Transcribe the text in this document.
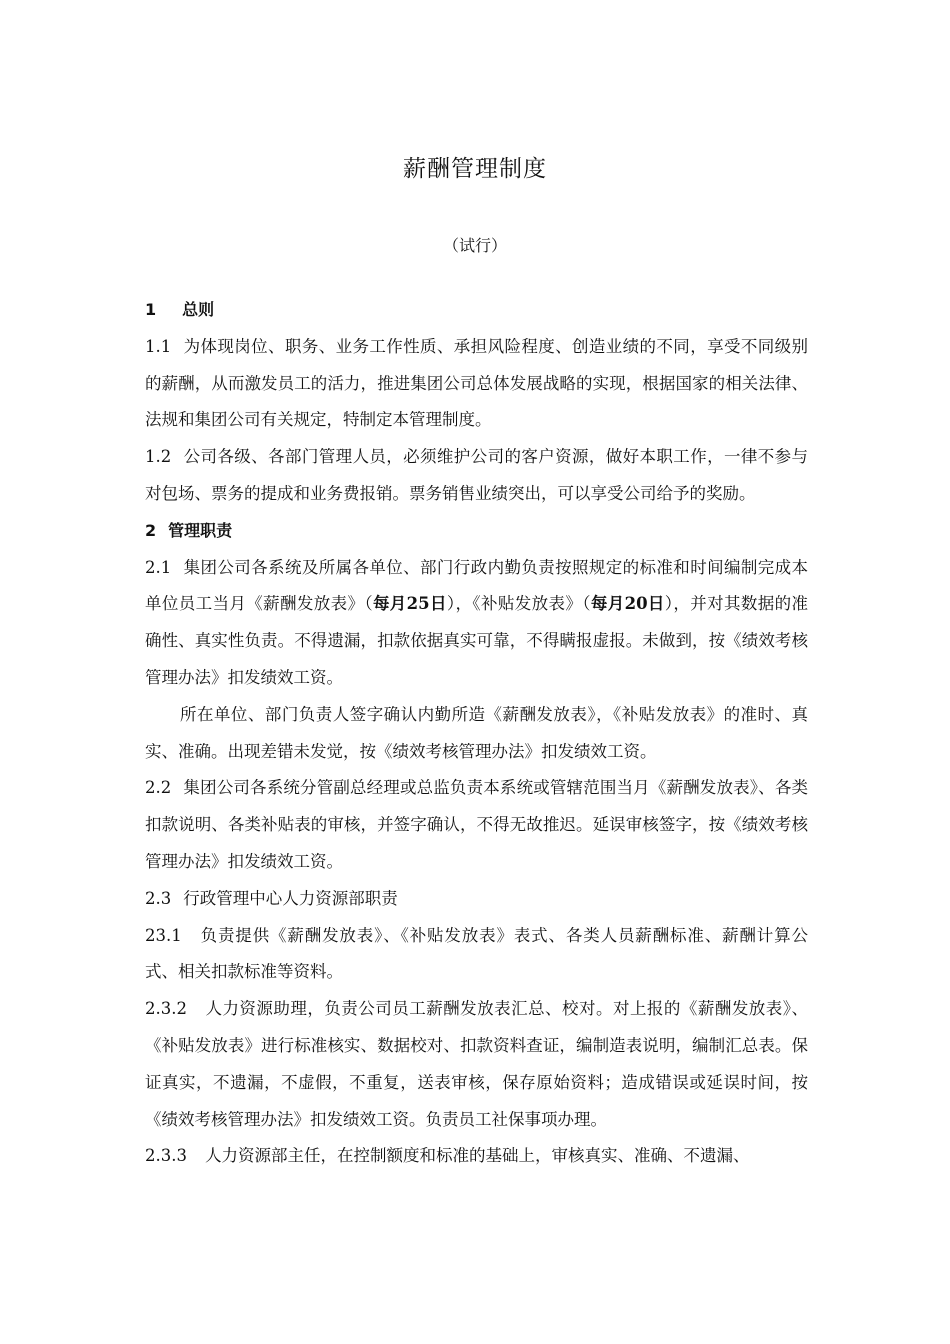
薪酬管理制度
（试行）

1 总则

1.1 为体现岗位、职务、业务工作性质、承担风险程度、创造业绩的不同，享受不同级别的薪酬，从而激发员工的活力，推进集团公司总体发展战略的实现，根据国家的相关法律、法规和集团公司有关规定，特制定本管理制度。

1.2 公司各级、各部门管理人员，必须维护公司的客户资源，做好本职工作，一律不参与对包场、票务的提成和业务费报销。票务销售业绩突出，可以享受公司给予的奖励。

2 管理职责

2.1 集团公司各系统及所属各单位、部门行政内勤负责按照规定的标准和时间编制完成本单位员工当月《薪酬发放表》（每月25日），《补贴发放表》（每月20日），并对其数据的准确性、真实性负责。不得遗漏，扣款依据真实可靠，不得瞒报虚报。未做到，按《绩效考核管理办法》扣发绩效工资。

所在单位、部门负责人签字确认内勤所造《薪酬发放表》，《补贴发放表》的准时、真实、准确。出现差错未发觉，按《绩效考核管理办法》扣发绩效工资。

2.2 集团公司各系统分管副总经理或总监负责本系统或管辖范围当月《薪酬发放表》、各类扣款说明、各类补贴表的审核，并签字确认，不得无故推迟。延误审核签字，按《绩效考核管理办法》扣发绩效工资。

2.3 行政管理中心人力资源部职责

23.1 负责提供《薪酬发放表》、《补贴发放表》表式、各类人员薪酬标准、薪酬计算公式、相关扣款标准等资料。

2.3.2 人力资源助理，负责公司员工薪酬发放表汇总、校对。对上报的《薪酬发放表》、《补贴发放表》进行标准核实、数据校对、扣款资料查证，编制造表说明，编制汇总表。保证真实，不遗漏，不虚假，不重复，送表审核，保存原始资料；造成错误或延误时间，按《绩效考核管理办法》扣发绩效工资。负责员工社保事项办理。

2.3.3 人力资源部主任，在控制额度和标准的基础上，审核真实、准确、不遗漏、
